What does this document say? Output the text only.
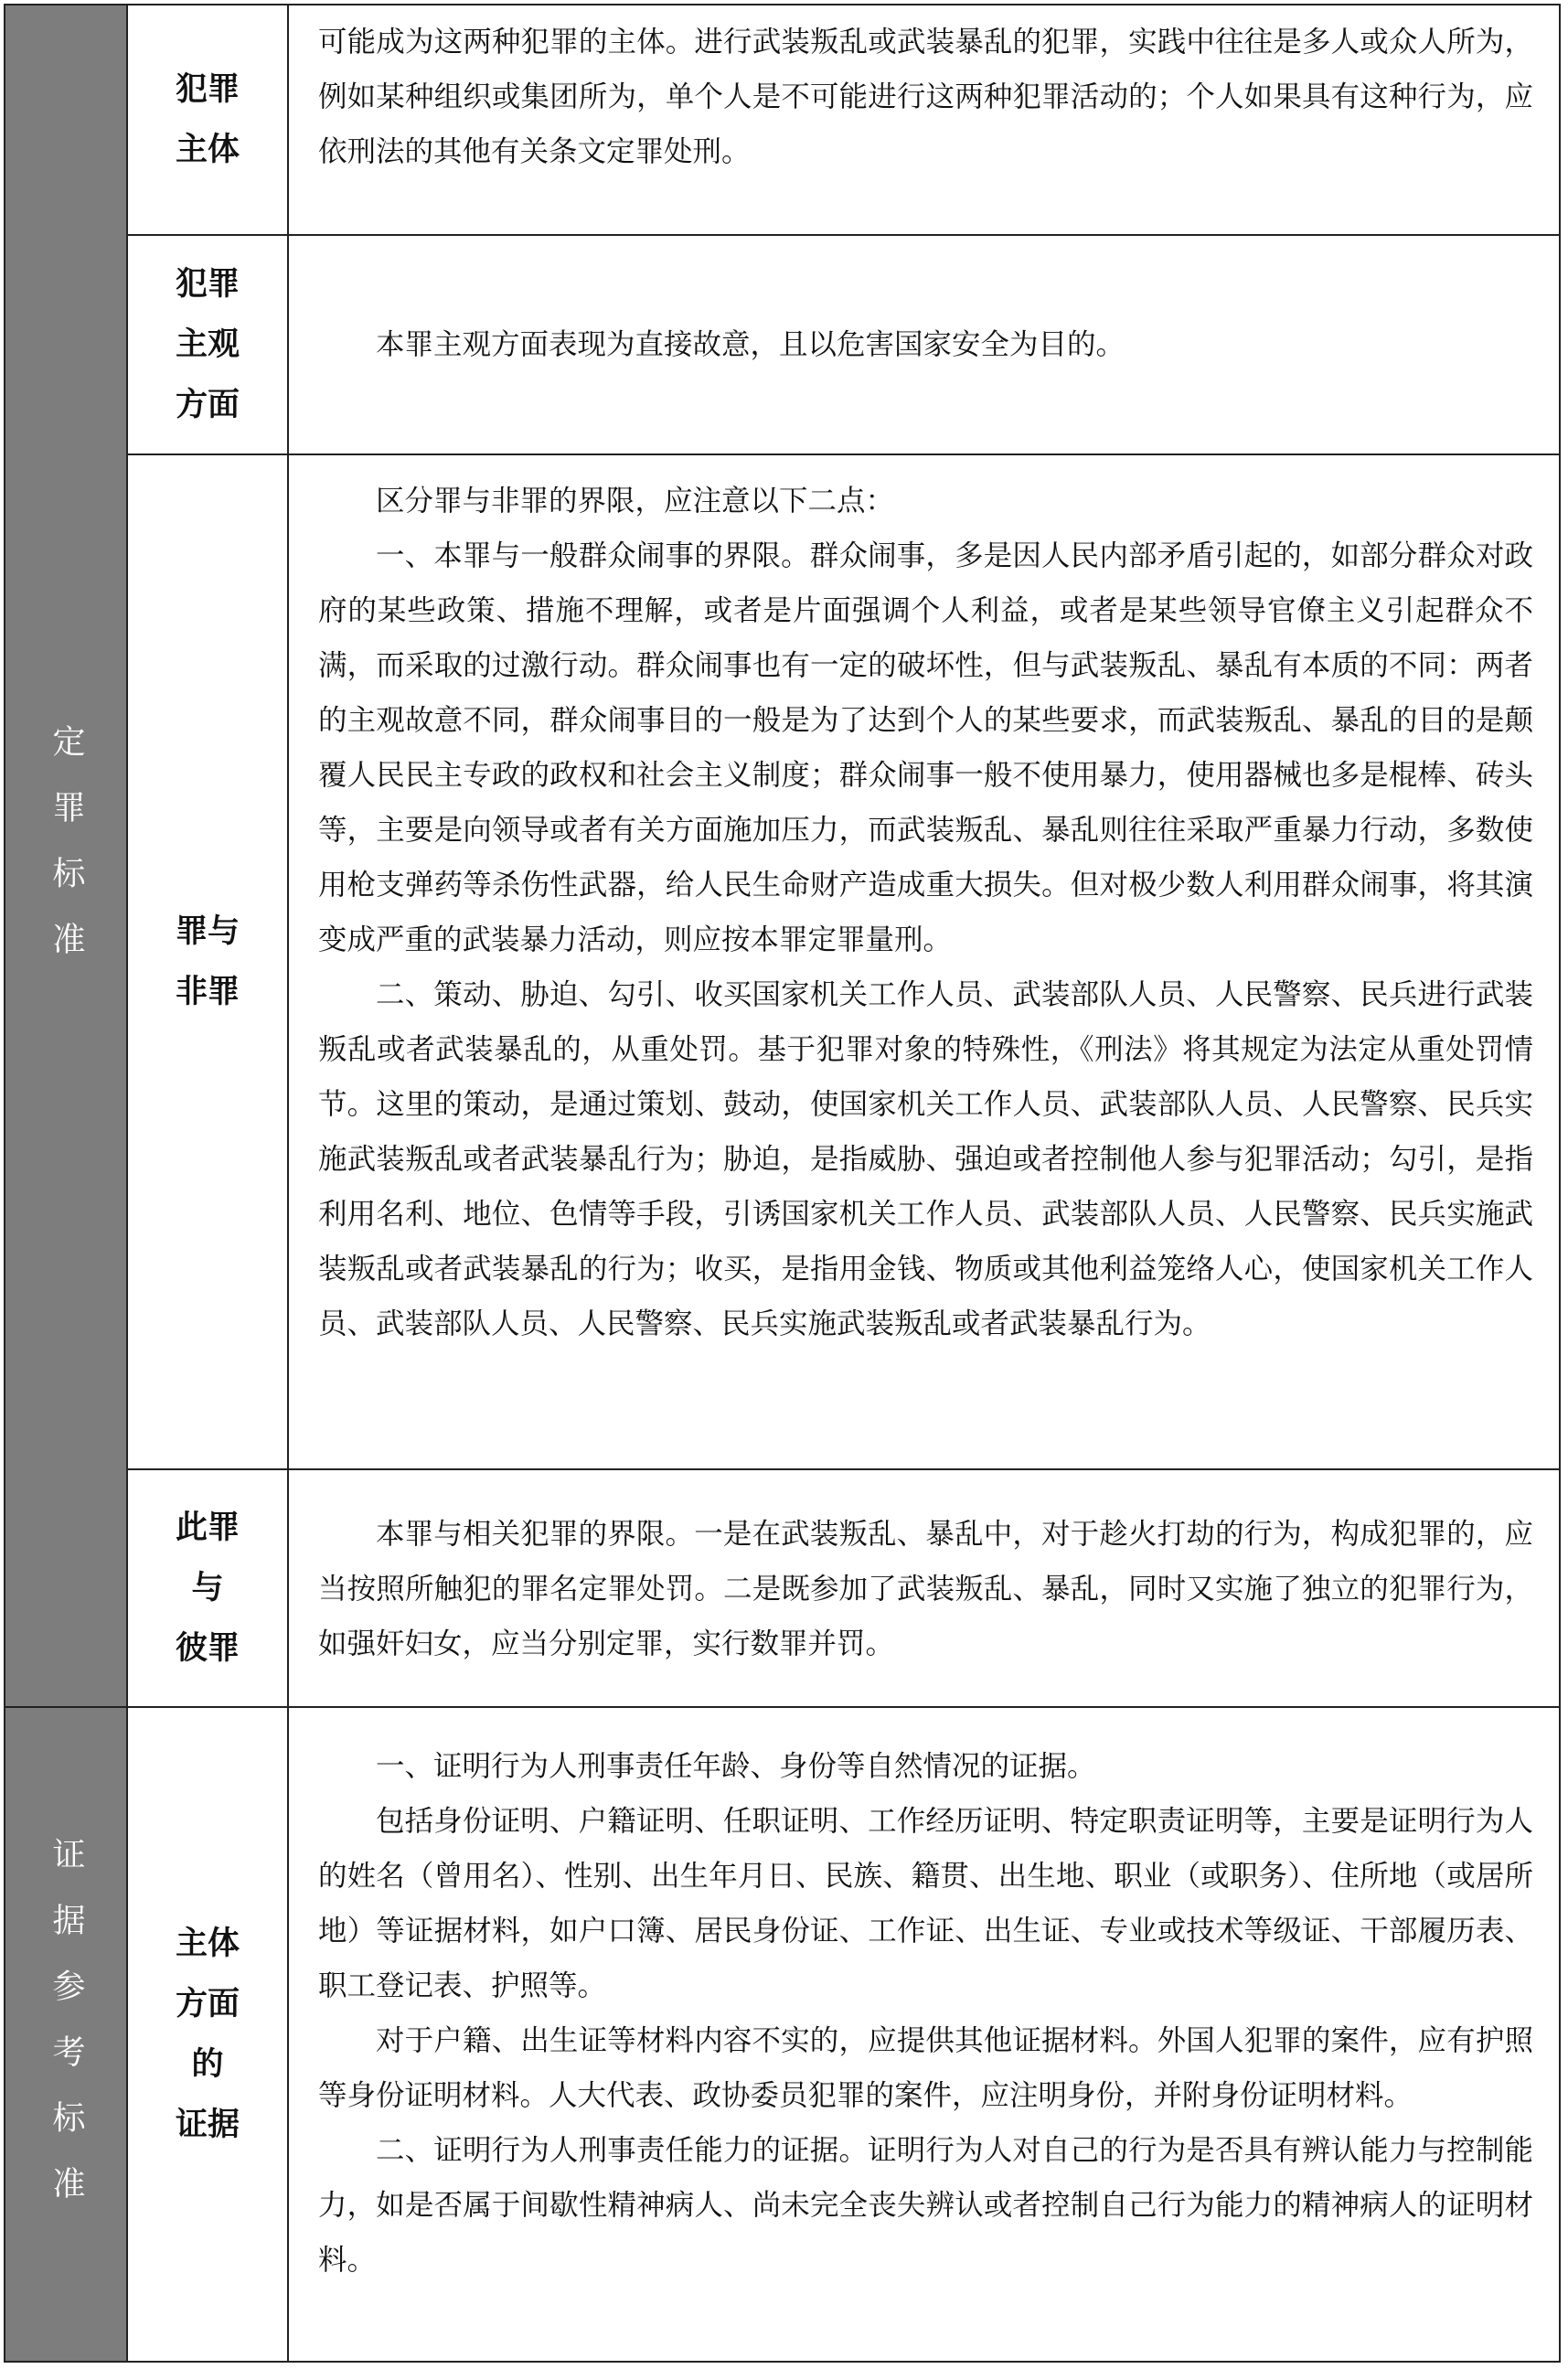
定罪标准
犯罪
主体

可能成为这两种犯罪的主体。进行武装叛乱或武装暴乱的犯罪，实践中往往是多人或众人所为，例如某种组织或集团所为，单个人是不可能进行这两种犯罪活动的；个人如果具有这种行为，应依刑法的其他有关条文定罪处刑。

犯罪
主观
方面

本罪主观方面表现为直接故意，且以危害国家安全为目的。

罪与
非罪

区分罪与非罪的界限，应注意以下二点：

一、本罪与一般群众闹事的界限。群众闹事，多是因人民内部矛盾引起的，如部分群众对政府的某些政策、措施不理解，或者是片面强调个人利益，或者是某些领导官僚主义引起群众不满，而采取的过激行动。群众闹事也有一定的破坏性，但与武装叛乱、暴乱有本质的不同：两者的主观故意不同，群众闹事目的一般是为了达到个人的某些要求，而武装叛乱、暴乱的目的是颠覆人民民主专政的政权和社会主义制度；群众闹事一般不使用暴力，使用器械也多是棍棒、砖头等，主要是向领导或者有关方面施加压力，而武装叛乱、暴乱则往往采取严重暴力行动，多数使用枪支弹药等杀伤性武器，给人民生命财产造成重大损失。但对极少数人利用群众闹事，将其演变成严重的武装暴力活动，则应按本罪定罪量刑。

二、策动、胁迫、勾引、收买国家机关工作人员、武装部队人员、人民警察、民兵进行武装叛乱或者武装暴乱的，从重处罚。基于犯罪对象的特殊性，《刑法》将其规定为法定从重处罚情节。这里的策动，是通过策划、鼓动，使国家机关工作人员、武装部队人员、人民警察、民兵实施武装叛乱或者武装暴乱行为；胁迫，是指威胁、强迫或者控制他人参与犯罪活动；勾引，是指利用名利、地位、色情等手段，引诱国家机关工作人员、武装部队人员、人民警察、民兵实施武装叛乱或者武装暴乱的行为；收买，是指用金钱、物质或其他利益笼络人心，使国家机关工作人员、武装部队人员、人民警察、民兵实施武装叛乱或者武装暴乱行为。

此罪
与
彼罪

本罪与相关犯罪的界限。一是在武装叛乱、暴乱中，对于趁火打劫的行为，构成犯罪的，应当按照所触犯的罪名定罪处罚。二是既参加了武装叛乱、暴乱，同时又实施了独立的犯罪行为，如强奸妇女，应当分别定罪，实行数罪并罚。

证据参考标准	主体
方面
的
证据

一、证明行为人刑事责任年龄、身份等自然情况的证据。

包括身份证明、户籍证明、任职证明、工作经历证明、特定职责证明等，主要是证明行为人的姓名（曾用名）、性别、出生年月日、民族、籍贯、出生地、职业（或职务）、住所地（或居所地）等证据材料，如户口簿、居民身份证、工作证、出生证、专业或技术等级证、干部履历表、职工登记表、护照等。

对于户籍、出生证等材料内容不实的，应提供其他证据材料。外国人犯罪的案件，应有护照等身份证明材料。人大代表、政协委员犯罪的案件，应注明身份，并附身份证明材料。

二、证明行为人刑事责任能力的证据。证明行为人对自己的行为是否具有辨认能力与控制能力，如是否属于间歇性精神病人、尚未完全丧失辨认或者控制自己行为能力的精神病人的证明材料。
